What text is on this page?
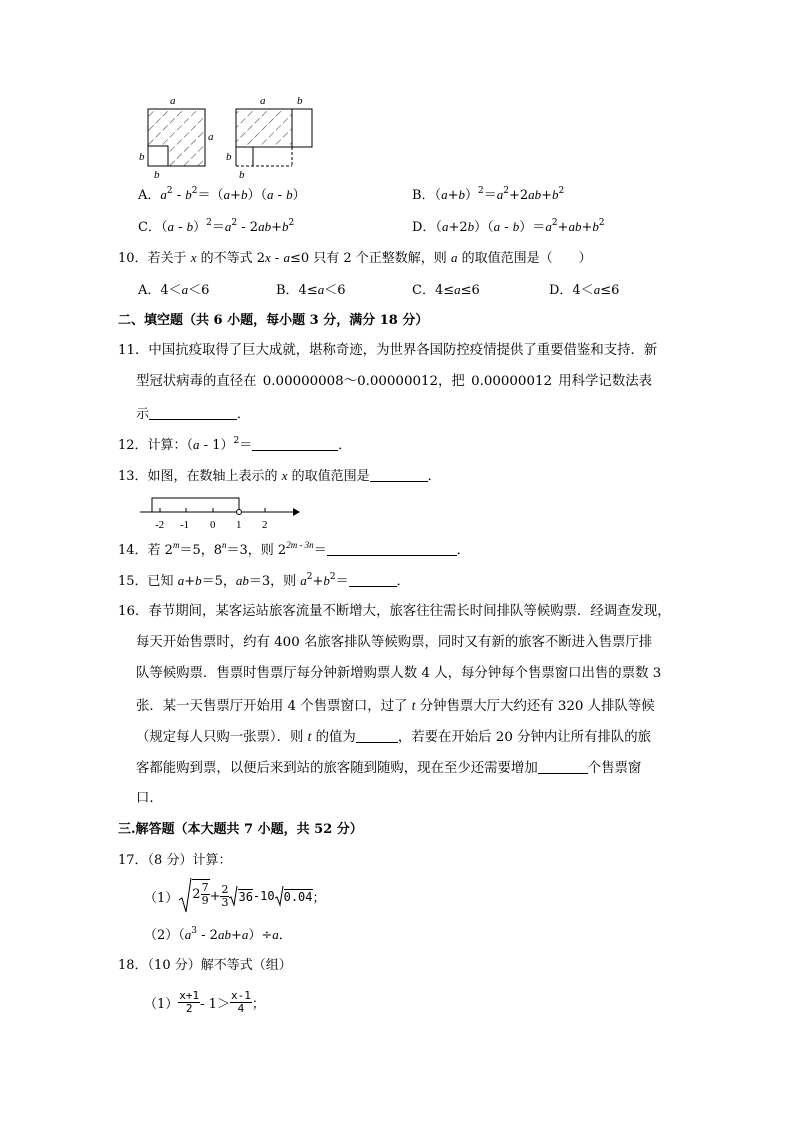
a
a
b
b
a	b
b
b
A．$a^2 - b^2=(a+b)(a - b)$	B．$(a+b)^2=a^2+2ab+b^2$
C．$(a - b)^2=a^2 - 2ab+b^2$	D．$(a+2b)(a - b)=a^2+ab+b^2$
10．若关于 x 的不等式 2x - a≤0 只有 2 个正整数解，则 a 的取值范围是（　　）
A．4＜a＜6	B．4≤a＜6	C．4≤a≤6	D．4＜a≤6
二、填空题（共 6 小题，每小题 3 分，满分 18 分）
11．中国抗疫取得了巨大成就，堪称奇迹，为世界各国防控疫情提供了重要借鉴和支持．新
型冠状病毒的直径在 0.00000008～0.00000012，把 0.00000012 用科学记数法表
示	．
12．计算：（a - 1）$^2$＝	．
13．如图，在数轴上表示的 x 的取值范围是	．
-2 -1 0 1 2
14．若 $2^m=5$，$8^n=3$，则 $2^{2m - 3n}=$	．
15．已知 a+b＝5，ab＝3，则 $a^2+b^2=$	．
16．春节期间，某客运站旅客流量不断增大，旅客往往需长时间排队等候购票．经调查发现，
每天开始售票时，约有 400 名旅客排队等候购票，同时又有新的旅客不断进入售票厅排
队等候购票．售票时售票厅每分钟新增购票人数 4 人，每分钟每个售票窗口出售的票数 3
张．某一天售票厅开始用 4 个售票窗口，过了 t 分钟售票大厅大约还有 320 人排队等候
（规定每人只购一张票）．则 t 的值为	，若要在开始后 20 分钟内让所有排队的旅
客都能购到票，以便后来到站的旅客随到随购，现在至少还需要增加	个售票窗
口．
三.解答题（本大题共 7 小题，共 52 分）
17．（8 分）计算：
（1） $2 \frac{7}{9} + \frac{2}{3} 36$ -10 0.04 ；
$(2)(a^3 - 2ab+a)\div a$．
18．（10 分）解不等式（组）
$(1) \frac{x+1}{2} - 1> \frac{x-1}{4}$ ；
